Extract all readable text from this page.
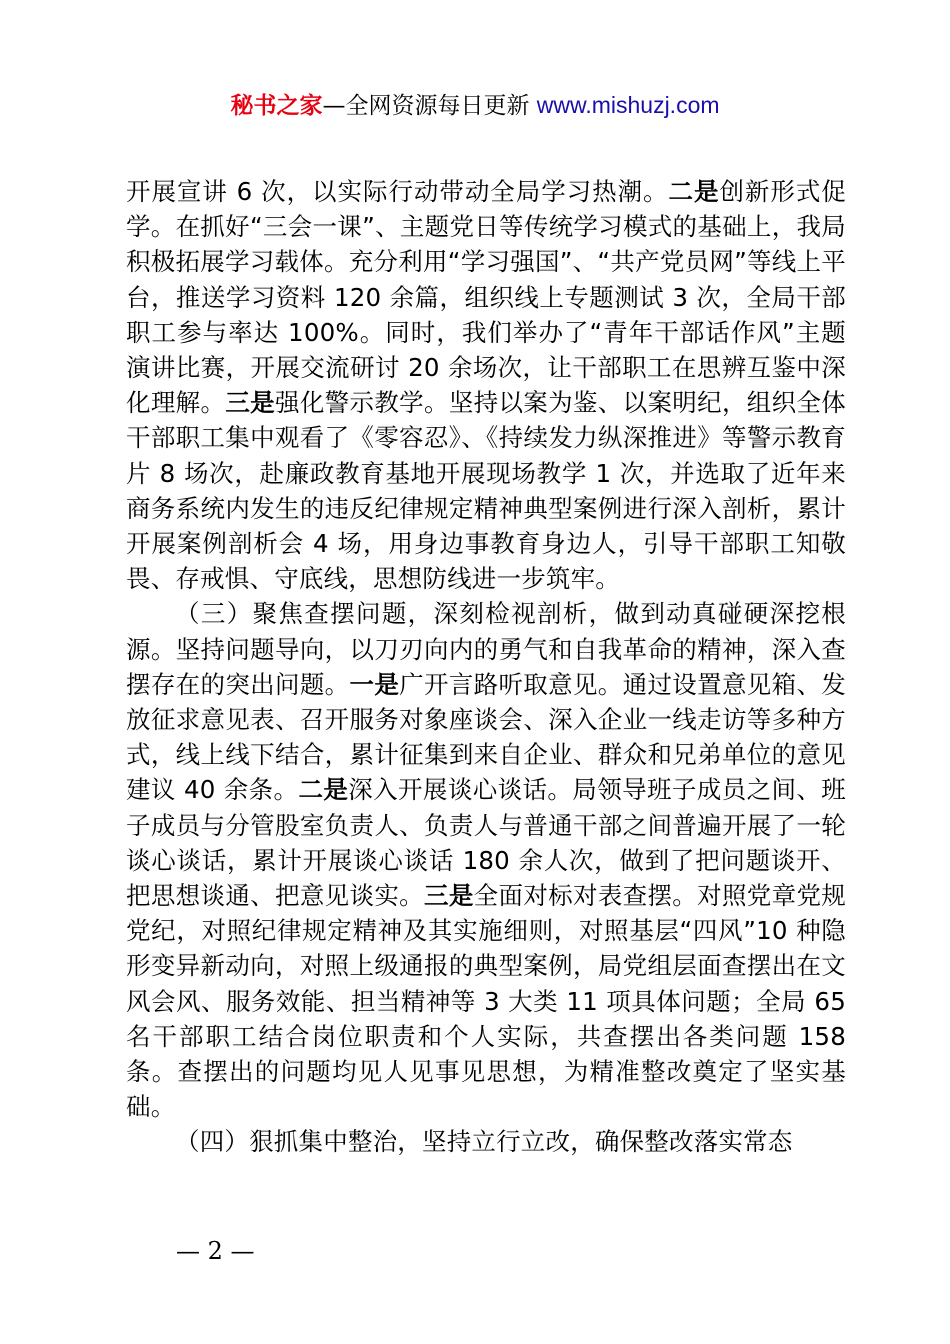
秘书之家—全网资源每日更新 www.mishuzj.com

开展宣讲 6 次，以实际行动带动全局学习热潮。二是创新形式促学。在抓好“三会一课”、主题党日等传统学习模式的基础上，我局积极拓展学习载体。充分利用“学习强国”、“共产党员网”等线上平台，推送学习资料 120 余篇，组织线上专题测试 3 次，全局干部职工参与率达 100%。同时，我们举办了“青年干部话作风”主题演讲比赛，开展交流研讨 20 余场次，让干部职工在思辨互鉴中深化理解。三是强化警示教学。坚持以案为鉴、以案明纪，组织全体干部职工集中观看了《零容忍》、《持续发力纵深推进》等警示教育片 8 场次，赴廉政教育基地开展现场教学 1 次，并选取了近年来商务系统内发生的违反纪律规定精神典型案例进行深入剖析，累计开展案例剖析会 4 场，用身边事教育身边人，引导干部职工知敬畏、存戒惧、守底线，思想防线进一步筑牢。

（三）聚焦查摆问题，深刻检视剖析，做到动真碰硬深挖根源。坚持问题导向，以刀刃向内的勇气和自我革命的精神，深入查摆存在的突出问题。一是广开言路听取意见。通过设置意见箱、发放征求意见表、召开服务对象座谈会、深入企业一线走访等多种方式，线上线下结合，累计征集到来自企业、群众和兄弟单位的意见建议 40 余条。二是深入开展谈心谈话。局领导班子成员之间、班子成员与分管股室负责人、负责人与普通干部之间普遍开展了一轮谈心谈话，累计开展谈心谈话 180 余人次，做到了把问题谈开、把思想谈通、把意见谈实。三是全面对标对表查摆。对照党章党规党纪，对照纪律规定精神及其实施细则，对照基层“四风”10 种隐形变异新动向，对照上级通报的典型案例，局党组层面查摆出在文风会风、服务效能、担当精神等 3 大类 11 项具体问题；全局 65 名干部职工结合岗位职责和个人实际，共查摆出各类问题 158 条。查摆出的问题均见人见事见思想，为精准整改奠定了坚实基础。

（四）狠抓集中整治，坚持立行立改，确保整改落实常态

— 2 —
